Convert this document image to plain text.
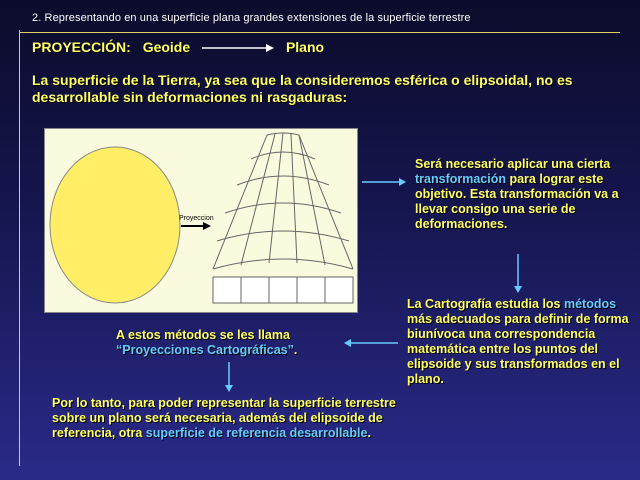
2. Representando en una superficie plana grandes extensiones de la superficie terrestre
PROYECCIÓN: Geoide	Plano
La superficie de la Tierra, ya sea que la consideremos esférica o elipsoidal, no es desarrollable sin deformaciones ni rasgaduras:
Proyeccion
Será necesario aplicar una cierta transformación para lograr este objetivo. Esta transformación va a llevar consigo una serie de deformaciones.
La Cartografía estudia los métodos más adecuados para definir de forma biunívoca una correspondencia matemática entre los puntos del elipsoide y sus transformados en el plano.
A estos métodos se les llama “Proyecciones Cartográficas”.
Por lo tanto, para poder representar la superficie terrestre sobre un plano será necesaria, además del elipsoide de referencia, otra superficie de referencia desarrollable.
